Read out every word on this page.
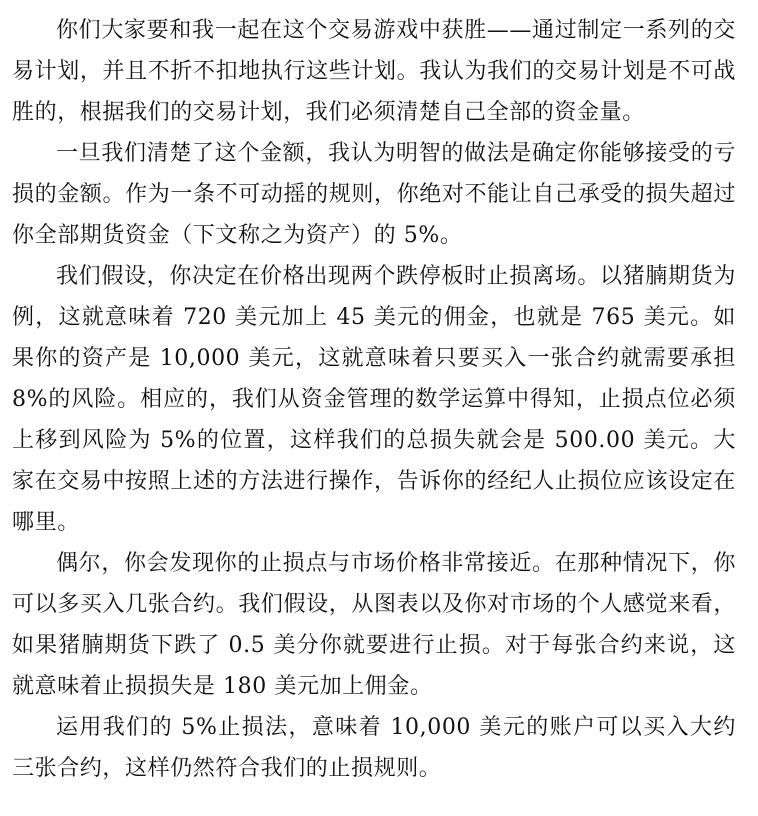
你们大家要和我一起在这个交易游戏中获胜——通过制定一系列的交易计划，并且不折不扣地执行这些计划。我认为我们的交易计划是不可战胜的，根据我们的交易计划，我们必须清楚自己全部的资金量。

一旦我们清楚了这个金额，我认为明智的做法是确定你能够接受的亏损的金额。作为一条不可动摇的规则，你绝对不能让自己承受的损失超过你全部期货资金（下文称之为资产）的 5%。

我们假设，你决定在价格出现两个跌停板时止损离场。以猪腩期货为例，这就意味着 720 美元加上 45 美元的佣金，也就是 765 美元。如果你的资产是 10,000 美元，这就意味着只要买入一张合约就需要承担 8%的风险。相应的，我们从资金管理的数学运算中得知，止损点位必须上移到风险为 5%的位置，这样我们的总损失就会是 500.00 美元。大家在交易中按照上述的方法进行操作，告诉你的经纪人止损位应该设定在哪里。

偶尔，你会发现你的止损点与市场价格非常接近。在那种情况下，你可以多买入几张合约。我们假设，从图表以及你对市场的个人感觉来看，如果猪腩期货下跌了 0.5 美分你就要进行止损。对于每张合约来说，这就意味着止损损失是 180 美元加上佣金。

运用我们的 5%止损法，意味着 10,000 美元的账户可以买入大约三张合约，这样仍然符合我们的止损规则。
